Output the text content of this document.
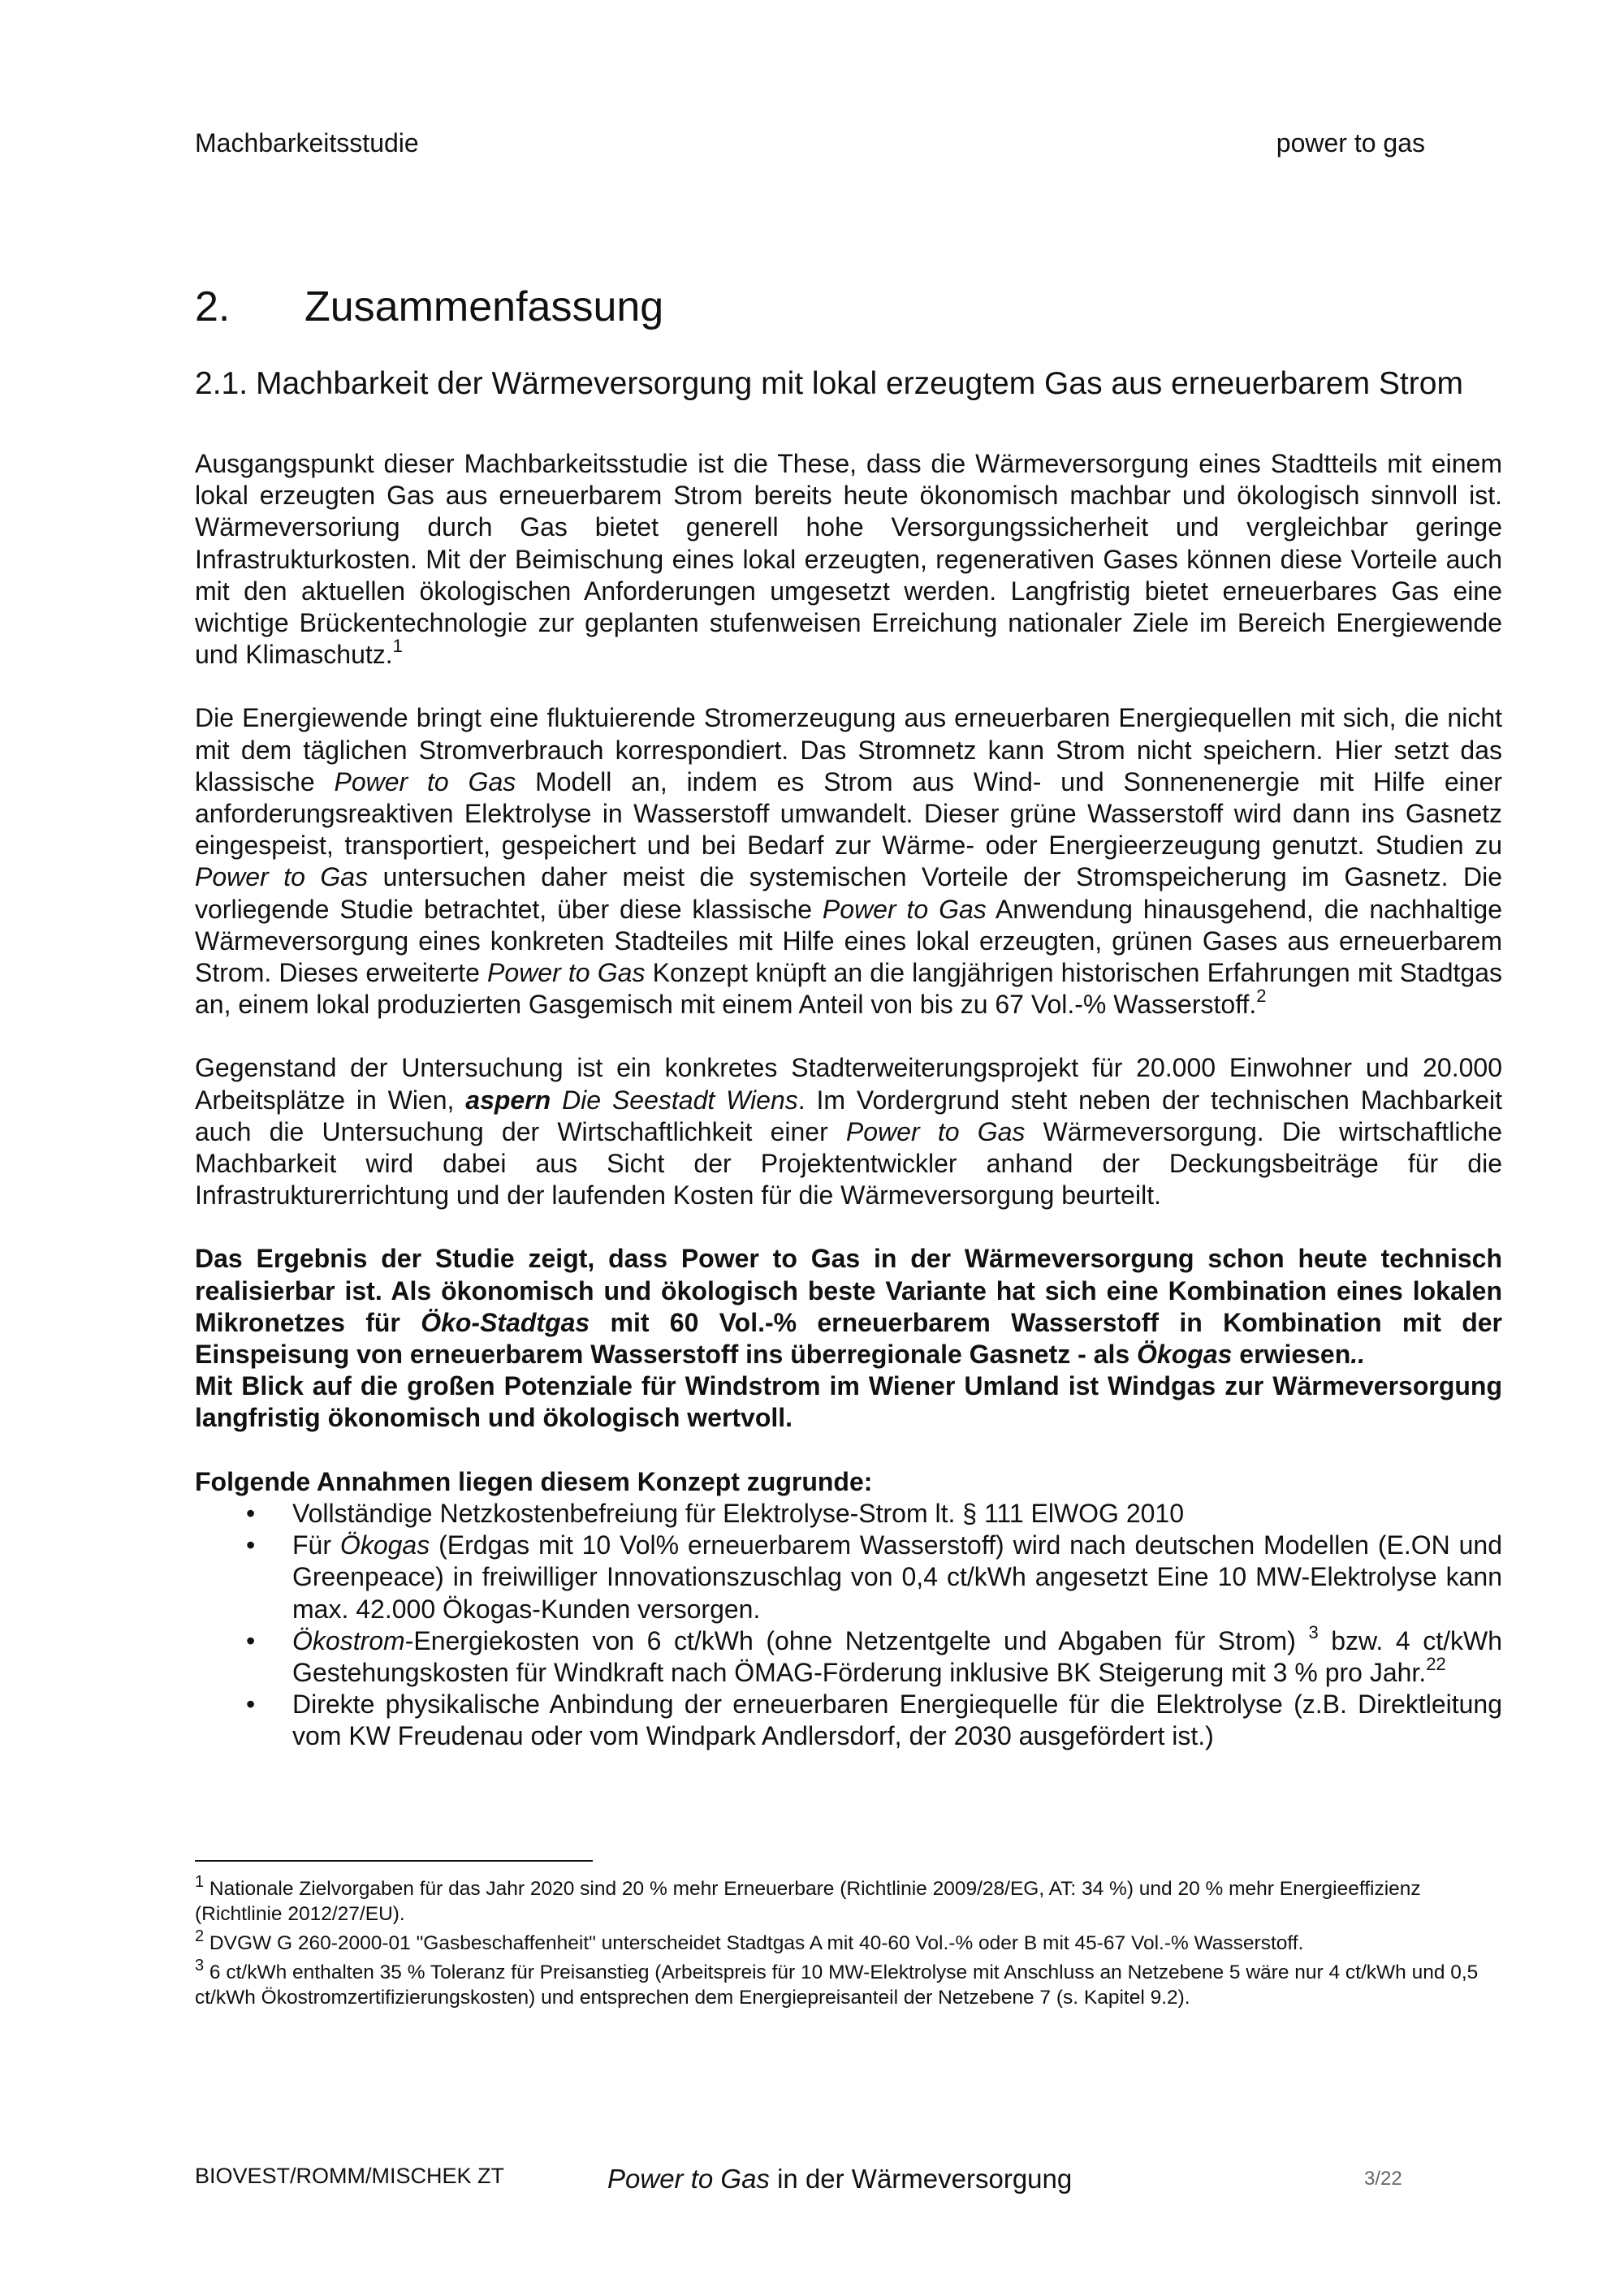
Machbarkeitsstudie	power to gas
2. Zusammenfassung
2.1. Machbarkeit der Wärmeversorgung mit lokal erzeugtem Gas aus erneuerbarem Strom

Ausgangspunkt dieser Machbarkeitsstudie ist die These, dass die Wärmeversorgung eines Stadtteils mit einem lokal erzeugten Gas aus erneuerbarem Strom bereits heute ökonomisch machbar und ökologisch sinnvoll ist. Wärmeversoriung durch Gas bietet generell hohe Versorgungssicherheit und vergleichbar geringe Infrastrukturkosten. Mit der Beimischung eines lokal erzeugten, regenerativen Gases können diese Vorteile auch mit den aktuellen ökologischen Anforderungen umgesetzt werden. Langfristig bietet erneuerbares Gas eine wichtige Brückentechnologie zur geplanten stufenweisen Erreichung nationaler Ziele im Bereich Energiewende und Klimaschutz.$^1$

Die Energiewende bringt eine fluktuierende Stromerzeugung aus erneuerbaren Energiequellen mit sich, die nicht mit dem täglichen Stromverbrauch korrespondiert. Das Stromnetz kann Strom nicht speichern. Hier setzt das klassische Power to Gas Modell an, indem es Strom aus Wind- und Sonnenenergie mit Hilfe einer anforderungsreaktiven Elektrolyse in Wasserstoff umwandelt. Dieser grüne Wasserstoff wird dann ins Gasnetz eingespeist, transportiert, gespeichert und bei Bedarf zur Wärme- oder Energieerzeugung genutzt. Studien zu Power to Gas untersuchen daher meist die systemischen Vorteile der Stromspeicherung im Gasnetz. Die vorliegende Studie betrachtet, über diese klassische Power to Gas Anwendung hinausgehend, die nachhaltige Wärmeversorgung eines konkreten Stadteiles mit Hilfe eines lokal erzeugten, grünen Gases aus erneuerbarem Strom. Dieses erweiterte Power to Gas Konzept knüpft an die langjährigen historischen Erfahrungen mit Stadtgas an, einem lokal produzierten Gasgemisch mit einem Anteil von bis zu 67 Vol.-% Wasserstoff.$^2$

Gegenstand der Untersuchung ist ein konkretes Stadterweiterungsprojekt für 20.000 Einwohner und 20.000 Arbeitsplätze in Wien, aspern Die Seestadt Wiens. Im Vordergrund steht neben der technischen Machbarkeit auch die Untersuchung der Wirtschaftlichkeit einer Power to Gas Wärmeversorgung. Die wirtschaftliche Machbarkeit wird dabei aus Sicht der Projektentwickler anhand der Deckungsbeiträge für die Infrastrukturerrichtung und der laufenden Kosten für die Wärmeversorgung beurteilt.

Das Ergebnis der Studie zeigt, dass Power to Gas in der Wärmeversorgung schon heute technisch realisierbar ist. Als ökonomisch und ökologisch beste Variante hat sich eine Kombination eines lokalen Mikronetzes für Öko-Stadtgas mit 60 Vol.-% erneuerbarem Wasserstoff in Kombination mit der Einspeisung von erneuerbarem Wasserstoff ins überregionale Gasnetz - als Ökogas erwiesen..
Mit Blick auf die großen Potenziale für Windstrom im Wiener Umland ist Windgas zur Wärmeversorgung langfristig ökonomisch und ökologisch wertvoll.

Folgende Annahmen liegen diesem Konzept zugrunde:
• Vollständige Netzkostenbefreiung für Elektrolyse-Strom lt. § 111 ElWOG 2010
• Für Ökogas (Erdgas mit 10 Vol% erneuerbarem Wasserstoff) wird nach deutschen Modellen (E.ON und Greenpeace) in freiwilliger Innovationszuschlag von 0,4 ct/kWh angesetzt Eine 10 MW-Elektrolyse kann max. 42.000 Ökogas-Kunden versorgen.
• Ökostrom-Energiekosten von 6 ct/kWh (ohne Netzentgelte und Abgaben für Strom) $^3$ bzw. 4 ct/kWh Gestehungskosten für Windkraft nach ÖMAG-Förderung inklusive BK Steigerung mit 3 % pro Jahr.$^{22}$
• Direkte physikalische Anbindung der erneuerbaren Energiequelle für die Elektrolyse (z.B. Direktleitung vom KW Freudenau oder vom Windpark Andlersdorf, der 2030 ausgefördert ist.)
$^1$ Nationale Zielvorgaben für das Jahr 2020 sind 20 % mehr Erneuerbare (Richtlinie 2009/28/EG, AT: 34 %) und 20 % mehr Energieeffizienz (Richtlinie 2012/27/EU).
$^2$ DVGW G 260-2000-01 "Gasbeschaffenheit" unterscheidet Stadtgas A mit 40-60 Vol.-% oder B mit 45-67 Vol.-% Wasserstoff.
$^3$ 6 ct/kWh enthalten 35 % Toleranz für Preisanstieg (Arbeitspreis für 10 MW-Elektrolyse mit Anschluss an Netzebene 5 wäre nur 4 ct/kWh und 0,5 ct/kWh Ökostromzertifizierungskosten) und entsprechen dem Energiepreisanteil der Netzebene 7 (s. Kapitel 9.2).
BIOVEST/ROMM/MISCHEK ZT	Power to Gas in der Wärmeversorgung	3/22
